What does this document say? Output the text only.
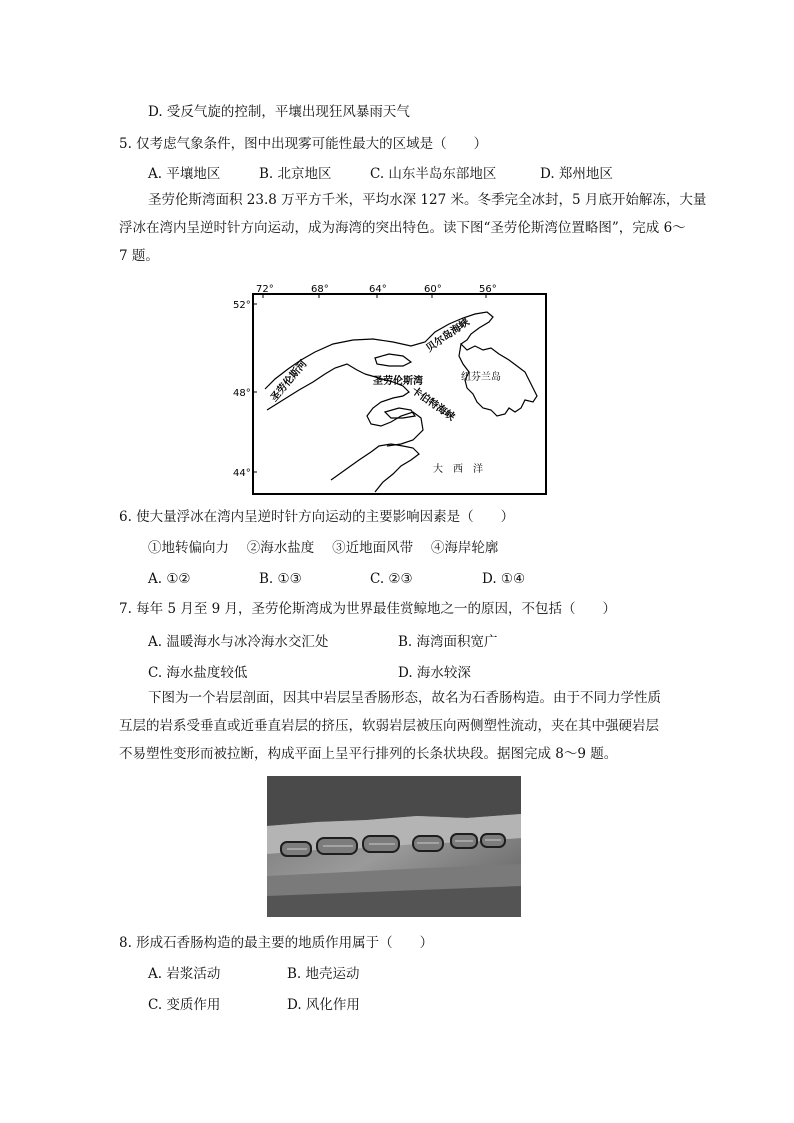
D. 受反气旋的控制，平壤出现狂风暴雨天气
5. 仅考虑气象条件，图中出现雾可能性最大的区域是（　　）
A. 平壤地区	B. 北京地区	C. 山东半岛东部地区	D. 郑州地区
圣劳伦斯湾面积 23.8 万平方千米，平均水深 127 米。冬季完全冰封，5 月底开始解冻，大量
浮冰在湾内呈逆时针方向运动，成为海湾的突出特色。读下图“圣劳伦斯湾位置略图”，完成 6～
7 题。
72°	68°	64°	60°	56°
52°
48°
44°
圣劳伦斯河	圣劳伦斯湾
贝尔岛海峡
纽芬兰岛
卡伯特海峡
大　西　洋
6. 使大量浮冰在湾内呈逆时针方向运动的主要影响因素是（　　）
①地转偏向力　 ②海水盐度　 ③近地面风带　 ④海岸轮廓
A. ①②	B. ①③	C. ②③	D. ①④
7. 每年 5 月至 9 月，圣劳伦斯湾成为世界最佳赏鲸地之一的原因，不包括（　　）
A. 温暖海水与冰冷海水交汇处	B. 海湾面积宽广
C. 海水盐度较低	D. 海水较深
下图为一个岩层剖面，因其中岩层呈香肠形态，故名为石香肠构造。由于不同力学性质
互层的岩系受垂直或近垂直岩层的挤压，软弱岩层被压向两侧塑性流动，夹在其中强硬岩层
不易塑性变形而被拉断，构成平面上呈平行排列的长条状块段。据图完成 8～9 题。
8. 形成石香肠构造的最主要的地质作用属于（　　）
A. 岩浆活动	B. 地壳运动
C. 变质作用	D. 风化作用
